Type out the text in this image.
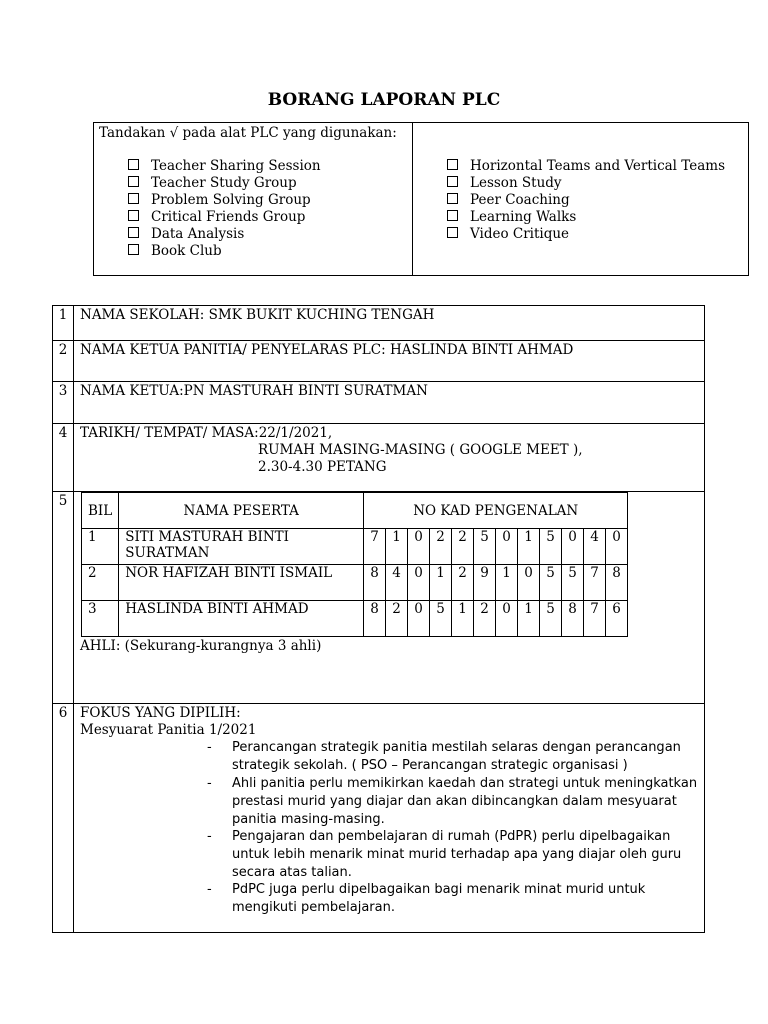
BORANG LAPORAN PLC
Tandakan √ pada alat PLC yang digunakan:
Teacher Sharing Session
Teacher Study Group
Problem Solving Group
Critical Friends Group
Data Analysis
Book Club
Horizontal Teams and Vertical Teams
Lesson Study
Peer Coaching
Learning Walks
Video Critique
1 NAMA SEKOLAH: SMK BUKIT KUCHING TENGAH
2 NAMA KETUA PANITIA/ PENYELARAS PLC: HASLINDA BINTI AHMAD
3 NAMA KETUA:PN MASTURAH BINTI SURATMAN
4 TARIKH/ TEMPAT/ MASA:22/1/2021,
RUMAH MASING-MASING ( GOOGLE MEET ),
2.30-4.30 PETANG
5
BIL	NAMA PESERTA	NO KAD PENGENALAN											
1	SITI MASTURAH BINTI SURATMAN	7	1	0	2	2	5	0	1	5	0	4	0
2	NOR HAFIZAH BINTI ISMAIL	8	4	0	1	2	9	1	0	5	5	7	8
3	HASLINDA BINTI AHMAD	8	2	0	5	1	2	0	1	5	8	7	6
AHLI: (Sekurang-kurangnya 3 ahli)
6 FOKUS YANG DIPILIH:
Mesyuarat Panitia 1/2021
- Perancangan strategik panitia mestilah selaras dengan perancangan strategik sekolah. ( PSO – Perancangan strategic organisasi )
- Ahli panitia perlu memikirkan kaedah dan strategi untuk meningkatkan prestasi murid yang diajar dan akan dibincangkan dalam mesyuarat panitia masing-masing.
- Pengajaran dan pembelajaran di rumah (PdPR) perlu dipelbagaikan untuk lebih menarik minat murid terhadap apa yang diajar oleh guru secara atas talian.
- PdPC juga perlu dipelbagaikan bagi menarik minat murid untuk mengikuti pembelajaran.
